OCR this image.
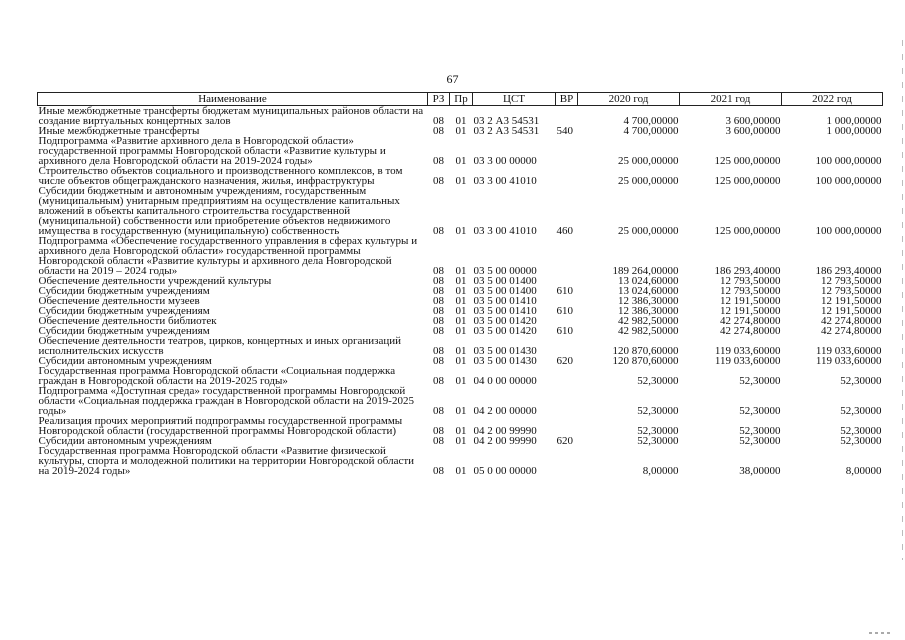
67
Наименование	РЗ	Пр	ЦСТ	ВР	2020 год	2021 год	2022 год
Иные межбюджетные трансферты бюджетам муниципальных районов области на создание виртуальных концертных залов	08	01	03 2 А3 54531		4 700,00000	3 600,00000	1 000,00000
Иные межбюджетные трансферты	08	01	03 2 А3 54531	540	4 700,00000	3 600,00000	1 000,00000
Подпрограмма «Развитие архивного дела в Новгородской области» государственной программы Новгородской области «Развитие культуры и архивного дела Новгородской области на 2019-2024 годы»	08	01	03 3 00 00000		25 000,00000	125 000,00000	100 000,00000
Строительство объектов социального и производственного комплексов, в том числе объектов общегражданского назначения, жилья, инфраструктуры	08	01	03 3 00 41010		25 000,00000	125 000,00000	100 000,00000
Субсидии бюджетным и автономным учреждениям, государственным (муниципальным) унитарным предприятиям на осуществление капитальных вложений в объекты капитального строительства государственной (муниципальной) собственности или приобретение объектов недвижимого имущества в государственную (муниципальную) собственность	08	01	03 3 00 41010	460	25 000,00000	125 000,00000	100 000,00000
Подпрограмма «Обеспечение государственного управления в сферах культуры и архивного дела Новгородской области» государственной программы Новгородской области «Развитие культуры и архивного дела Новгородской области на 2019 – 2024 годы»	08	01	03 5 00 00000		189 264,00000	186 293,40000	186 293,40000
Обеспечение деятельности учреждений культуры	08	01	03 5 00 01400		13 024,60000	12 793,50000	12 793,50000
Субсидии бюджетным учреждениям	08	01	03 5 00 01400	610	13 024,60000	12 793,50000	12 793,50000
Обеспечение деятельности музеев	08	01	03 5 00 01410		12 386,30000	12 191,50000	12 191,50000
Субсидии бюджетным учреждениям	08	01	03 5 00 01410	610	12 386,30000	12 191,50000	12 191,50000
Обеспечение деятельности библиотек	08	01	03 5 00 01420		42 982,50000	42 274,80000	42 274,80000
Субсидии бюджетным учреждениям	08	01	03 5 00 01420	610	42 982,50000	42 274,80000	42 274,80000
Обеспечение деятельности театров, цирков, концертных и иных организаций исполнительских искусств	08	01	03 5 00 01430		120 870,60000	119 033,60000	119 033,60000
Субсидии автономным учреждениям	08	01	03 5 00 01430	620	120 870,60000	119 033,60000	119 033,60000
Государственная программа Новгородской области «Социальная поддержка граждан в Новгородской области на 2019-2025 годы»	08	01	04 0 00 00000		52,30000	52,30000	52,30000
Подпрограмма «Доступная среда» государственной программы Новгородской области «Социальная поддержка граждан в Новгородской области на 2019-2025 годы»	08	01	04 2 00 00000		52,30000	52,30000	52,30000
Реализация прочих мероприятий подпрограммы государственной программы Новгородской области (государственной программы Новгородской области)	08	01	04 2 00 99990		52,30000	52,30000	52,30000
Субсидии автономным учреждениям	08	01	04 2 00 99990	620	52,30000	52,30000	52,30000
Государственная программа Новгородской области «Развитие физической культуры, спорта и молодежной политики на территории Новгородской области на 2019-2024 годы»	08	01	05 0 00 00000		8,00000	38,00000	8,00000
